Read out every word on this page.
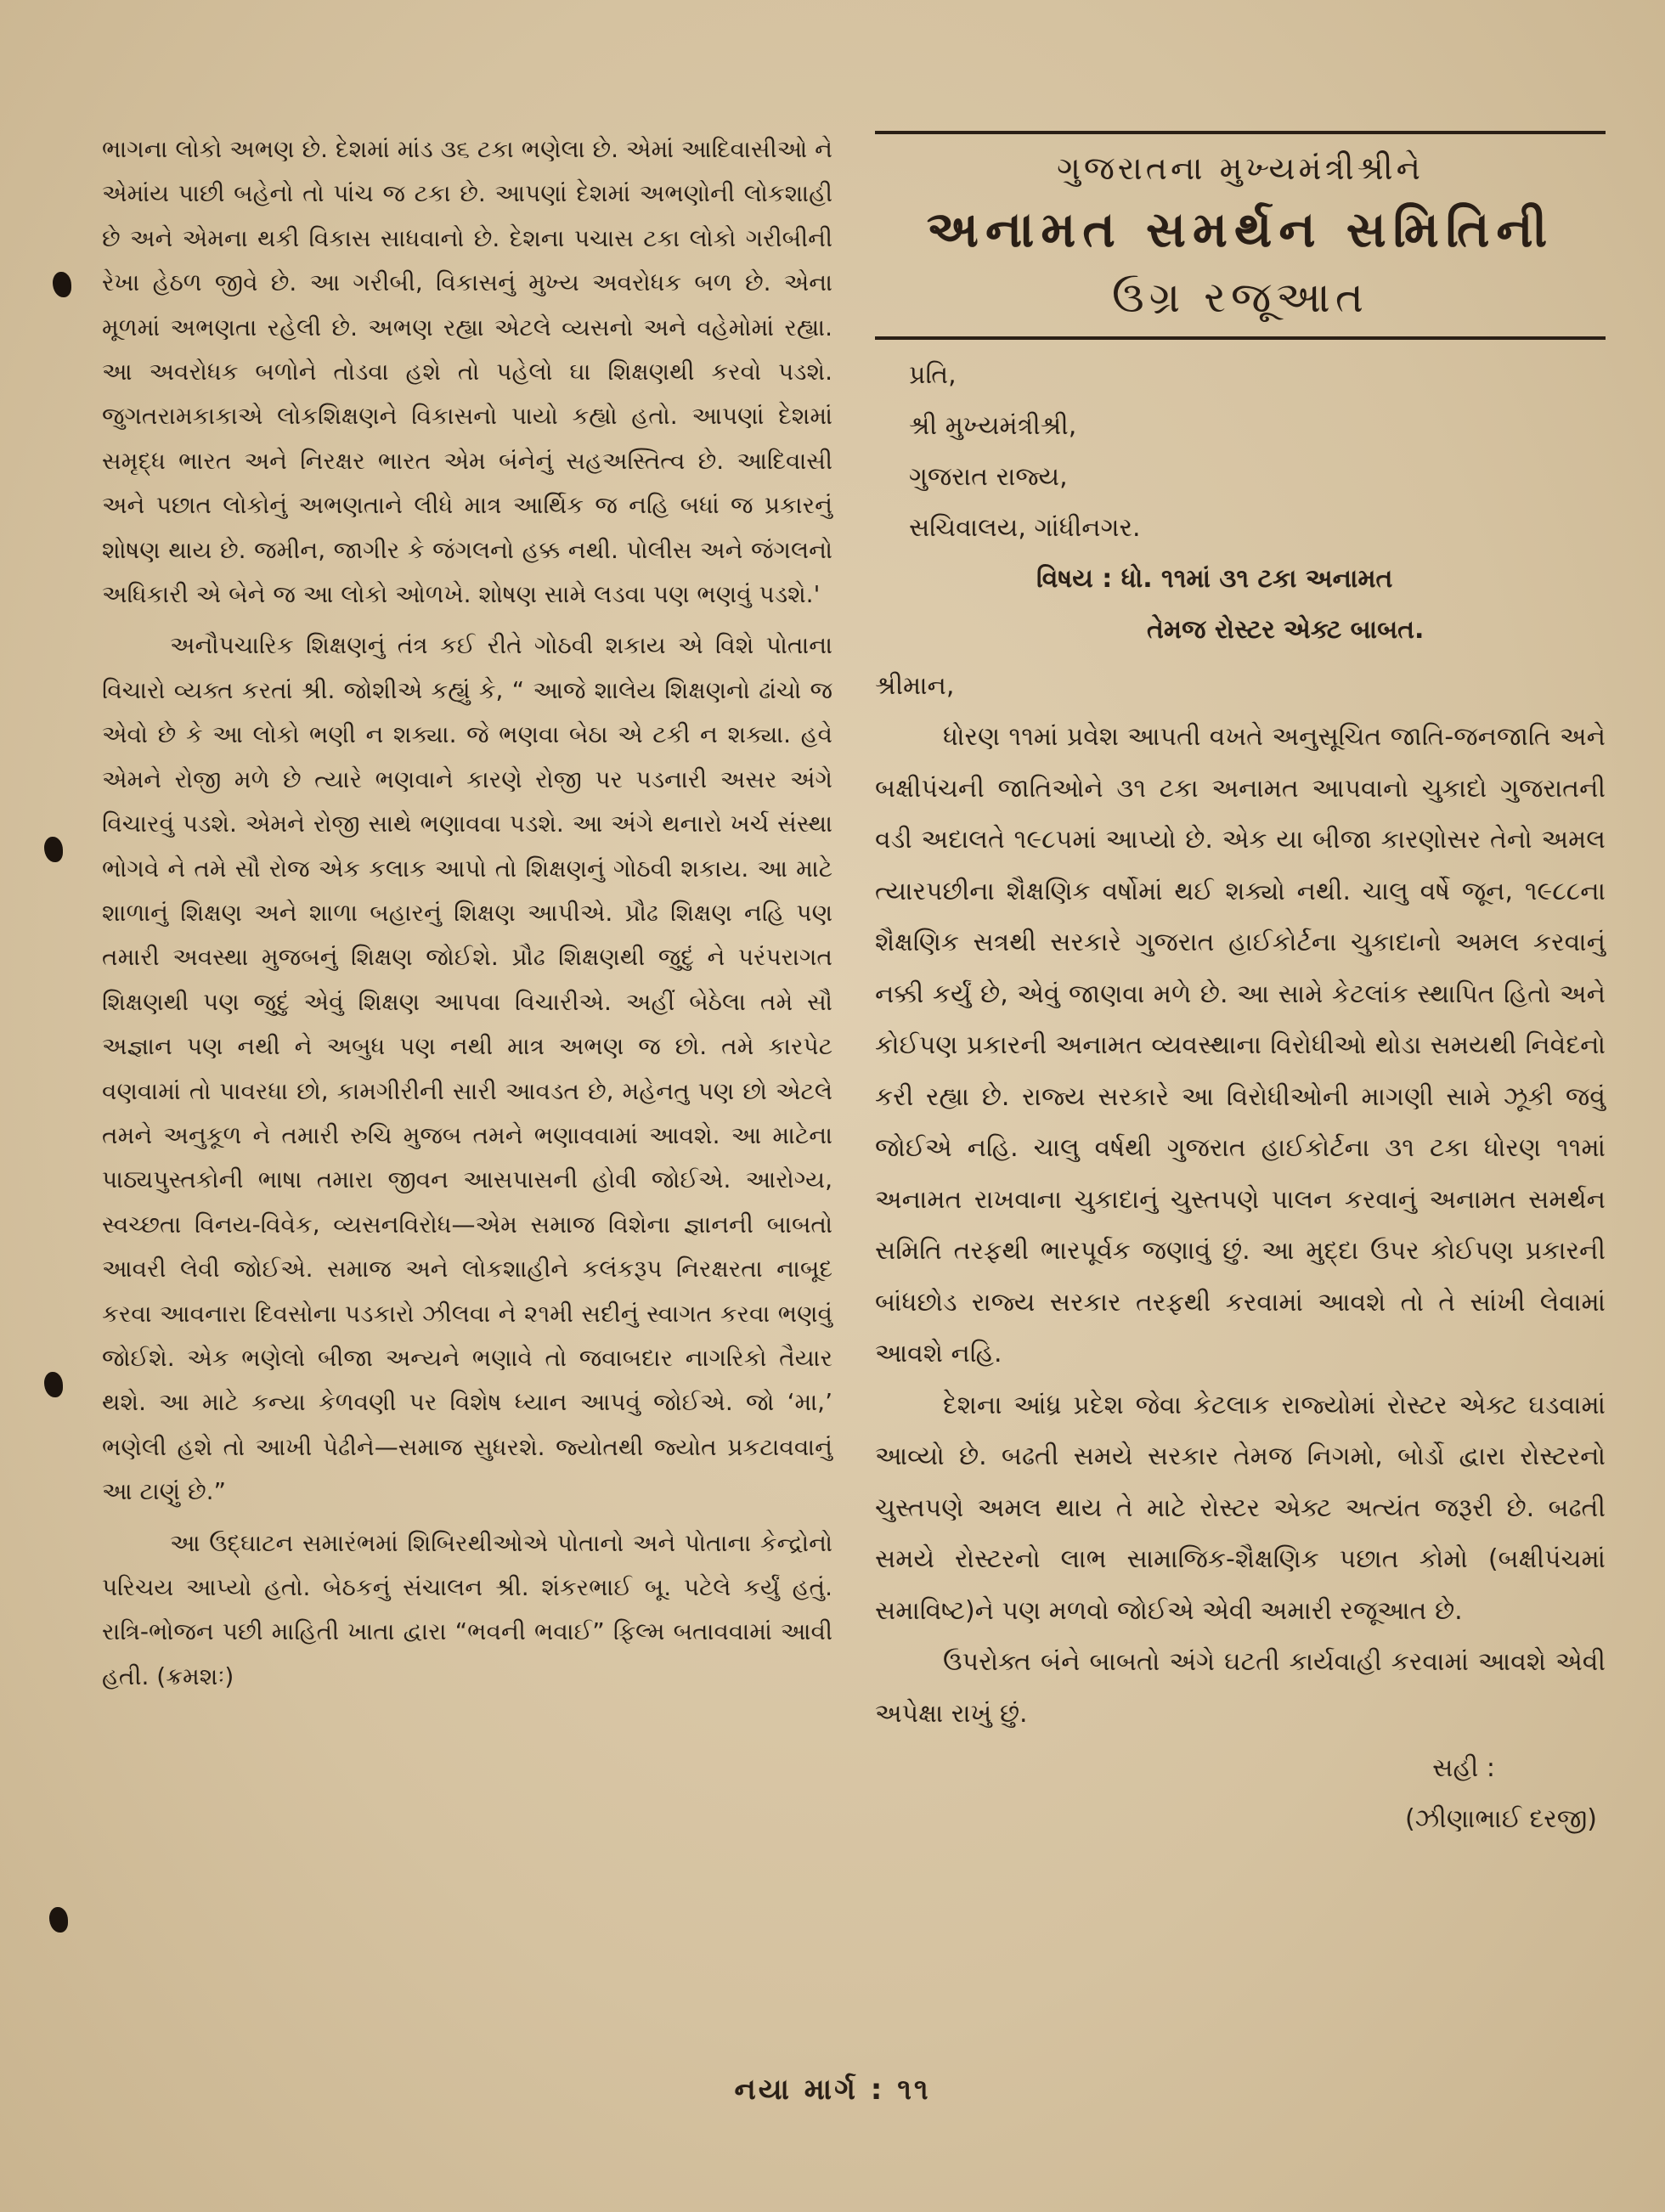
ભાગના લોકો અભણ છે. દેશમાં માંડ ૩૬ ટકા ભણેલા છે. એમાં આદિવાસીઓ ને એમાંય પાછી બહેનો તો પાંચ જ ટકા છે. આપણાં દેશમાં અભણોની લોકશાહી છે અને એમના થકી વિકાસ સાધવાનો છે. દેશના પચાસ ટકા લોકો ગરીબીની રેખા હેઠળ જીવે છે. આ ગરીબી, વિકાસનું મુખ્ય અવરોધક બળ છે. એના મૂળમાં અભણતા રહેલી છે. અભણ રહ્યા એટલે વ્યસનો અને વહેમોમાં રહ્યા. આ અવરોધક બળોને તોડવા હશે તો પહેલો ઘા શિક્ષણથી કરવો પડશે. જુગતરામકાકાએ લોકશિક્ષણને વિકાસનો પાયો કહ્યો હતો. આપણાં દેશમાં સમૃદ્ધ ભારત અને નિરક્ષર ભારત એમ બંનેનું સહઅસ્તિત્વ છે. આદિવાસી અને પછાત લોકોનું અભણતાને લીધે માત્ર આર્થિક જ નહિ બધાં જ પ્રકારનું શોષણ થાય છે. જમીન, જાગીર કે જંગલનો હક્ક નથી. પોલીસ અને જંગલનો અધિકારી એ બેને જ આ લોકો ઓળખે. શોષણ સામે લડવા પણ ભણવું પડશે.'

અનૌપચારિક શિક્ષણનું તંત્ર કઈ રીતે ગોઠવી શકાય એ વિશે પોતાના વિચારો વ્યક્ત કરતાં શ્રી. જોશીએ કહ્યું કે, “ આજે શાલેય શિક્ષણનો ઢાંચો જ એવો છે કે આ લોકો ભણી ન શક્યા. જે ભણવા બેઠા એ ટકી ન શક્યા. હવે એમને રોજી મળે છે ત્યારે ભણવાને કારણે રોજી પર પડનારી અસર અંગે વિચારવું પડશે. એમને રોજી સાથે ભણાવવા પડશે. આ અંગે થનારો ખર્ચ સંસ્થા ભોગવે ને તમે સૌ રોજ એક કલાક આપો તો શિક્ષણનું ગોઠવી શકાય. આ માટે શાળાનું શિક્ષણ અને શાળા બહારનું શિક્ષણ આપીએ. પ્રૌઢ શિક્ષણ નહિ પણ તમારી અવસ્થા મુજબનું શિક્ષણ જોઈશે. પ્રૌઢ શિક્ષણથી જુદું ને પરંપરાગત શિક્ષણથી પણ જુદું એવું શિક્ષણ આપવા વિચારીએ. અહીં બેઠેલા તમે સૌ અજ્ઞાન પણ નથી ને અબુધ પણ નથી માત્ર અભણ જ છો. તમે કારપેટ વણવામાં તો પાવરધા છો, કામગીરીની સારી આવડત છે, મહેનતુ પણ છો એટલે તમને અનુકૂળ ને તમારી રુચિ મુજબ તમને ભણાવવામાં આવશે. આ માટેના પાઠ્યપુસ્તકોની ભાષા તમારા જીવન આસપાસની હોવી જોઈએ. આરોગ્ય, સ્વચ્છતા વિનય-વિવેક, વ્યસનવિરોધ—એમ સમાજ વિશેના જ્ઞાનની બાબતો આવરી લેવી જોઈએ. સમાજ અને લોકશાહીને કલંકરૂપ નિરક્ષરતા નાબૂદ કરવા આવનારા દિવસોના પડકારો ઝીલવા ને ૨૧મી સદીનું સ્વાગત કરવા ભણવું જોઈશે. એક ભણેલો બીજા અન્યને ભણાવે તો જવાબદાર નાગરિકો તૈયાર થશે. આ માટે કન્યા કેળવણી પર વિશેષ ધ્યાન આપવું જોઈએ. જો ‘મા,’ ભણેલી હશે તો આખી પેઢીને—સમાજ સુધરશે. જ્યોતથી જ્યોત પ્રકટાવવાનું આ ટાણું છે.”

આ ઉદ્ઘાટન સમારંભમાં શિબિરથીઓએ પોતાનો અને પોતાના કેન્દ્રોનો પરિચય આપ્યો હતો. બેઠકનું સંચાલન શ્રી. શંકરભાઈ બૂ. પટેલે કર્યું હતું. રાત્રિ-ભોજન પછી માહિતી ખાતા દ્વારા “ભવની ભવાઈ” ફિલ્મ બતાવવામાં આવી હતી. (ક્રમશઃ)

ગુજરાતના મુખ્યમંત્રીશ્રીને
અનામત સમર્થન સમિતિની
ઉગ્ર રજૂઆત
પ્રતિ,
શ્રી મુખ્યમંત્રીશ્રી,
ગુજરાત રાજ્ય,
સચિવાલય, ગાંધીનગર.
વિષય : ધો. ૧૧માં ૩૧ ટકા અનામત
તેમજ રોસ્ટર એક્ટ બાબત.
શ્રીમાન,

ધોરણ ૧૧માં પ્રવેશ આપતી વખતે અનુસૂચિત જાતિ-જનજાતિ અને બક્ષીપંચની જાતિઓને ૩૧ ટકા અનામત આપવાનો ચુકાદો ગુજરાતની વડી અદાલતે ૧૯૮૫માં આપ્યો છે. એક યા બીજા કારણોસર તેનો અમલ ત્યારપછીના શૈક્ષણિક વર્ષોમાં થઈ શક્યો નથી. ચાલુ વર્ષે જૂન, ૧૯૮૮ના શૈક્ષણિક સત્રથી સરકારે ગુજરાત હાઈકોર્ટના ચુકાદાનો અમલ કરવાનું નક્કી કર્યું છે, એવું જાણવા મળે છે. આ સામે કેટલાંક સ્થાપિત હિતો અને કોઈપણ પ્રકારની અનામત વ્યવસ્થાના વિરોધીઓ થોડા સમયથી નિવેદનો કરી રહ્યા છે. રાજ્ય સરકારે આ વિરોધીઓની માગણી સામે ઝૂકી જવું જોઈએ નહિ. ચાલુ વર્ષથી ગુજરાત હાઈકોર્ટના ૩૧ ટકા ધોરણ ૧૧માં અનામત રાખવાના ચુકાદાનું ચુસ્તપણે પાલન કરવાનું અનામત સમર્થન સમિતિ તરફથી ભારપૂર્વક જણાવું છું. આ મુદ્દા ઉપર કોઈપણ પ્રકારની બાંધછોડ રાજ્ય સરકાર તરફથી કરવામાં આવશે તો તે સાંખી લેવામાં આવશે નહિ.

દેશના આંધ્ર પ્રદેશ જેવા કેટલાક રાજ્યોમાં રોસ્ટર એક્ટ ઘડવામાં આવ્યો છે. બઢતી સમયે સરકાર તેમજ નિગમો, બોર્ડો દ્વારા રોસ્ટરનો ચુસ્તપણે અમલ થાય તે માટે રોસ્ટર એક્ટ અત્યંત જરૂરી છે. બઢતી સમયે રોસ્ટરનો લાભ સામાજિક-શૈક્ષણિક પછાત કોમો (બક્ષીપંચમાં સમાવિષ્ટ)ને પણ મળવો જોઈએ એવી અમારી રજૂઆત છે.

ઉપરોક્ત બંને બાબતો અંગે ઘટતી કાર્યવાહી કરવામાં આવશે એવી અપેક્ષા રાખું છું.

સહી :
(ઝીણાભાઈ દરજી)
નયા માર્ગ : ૧૧
